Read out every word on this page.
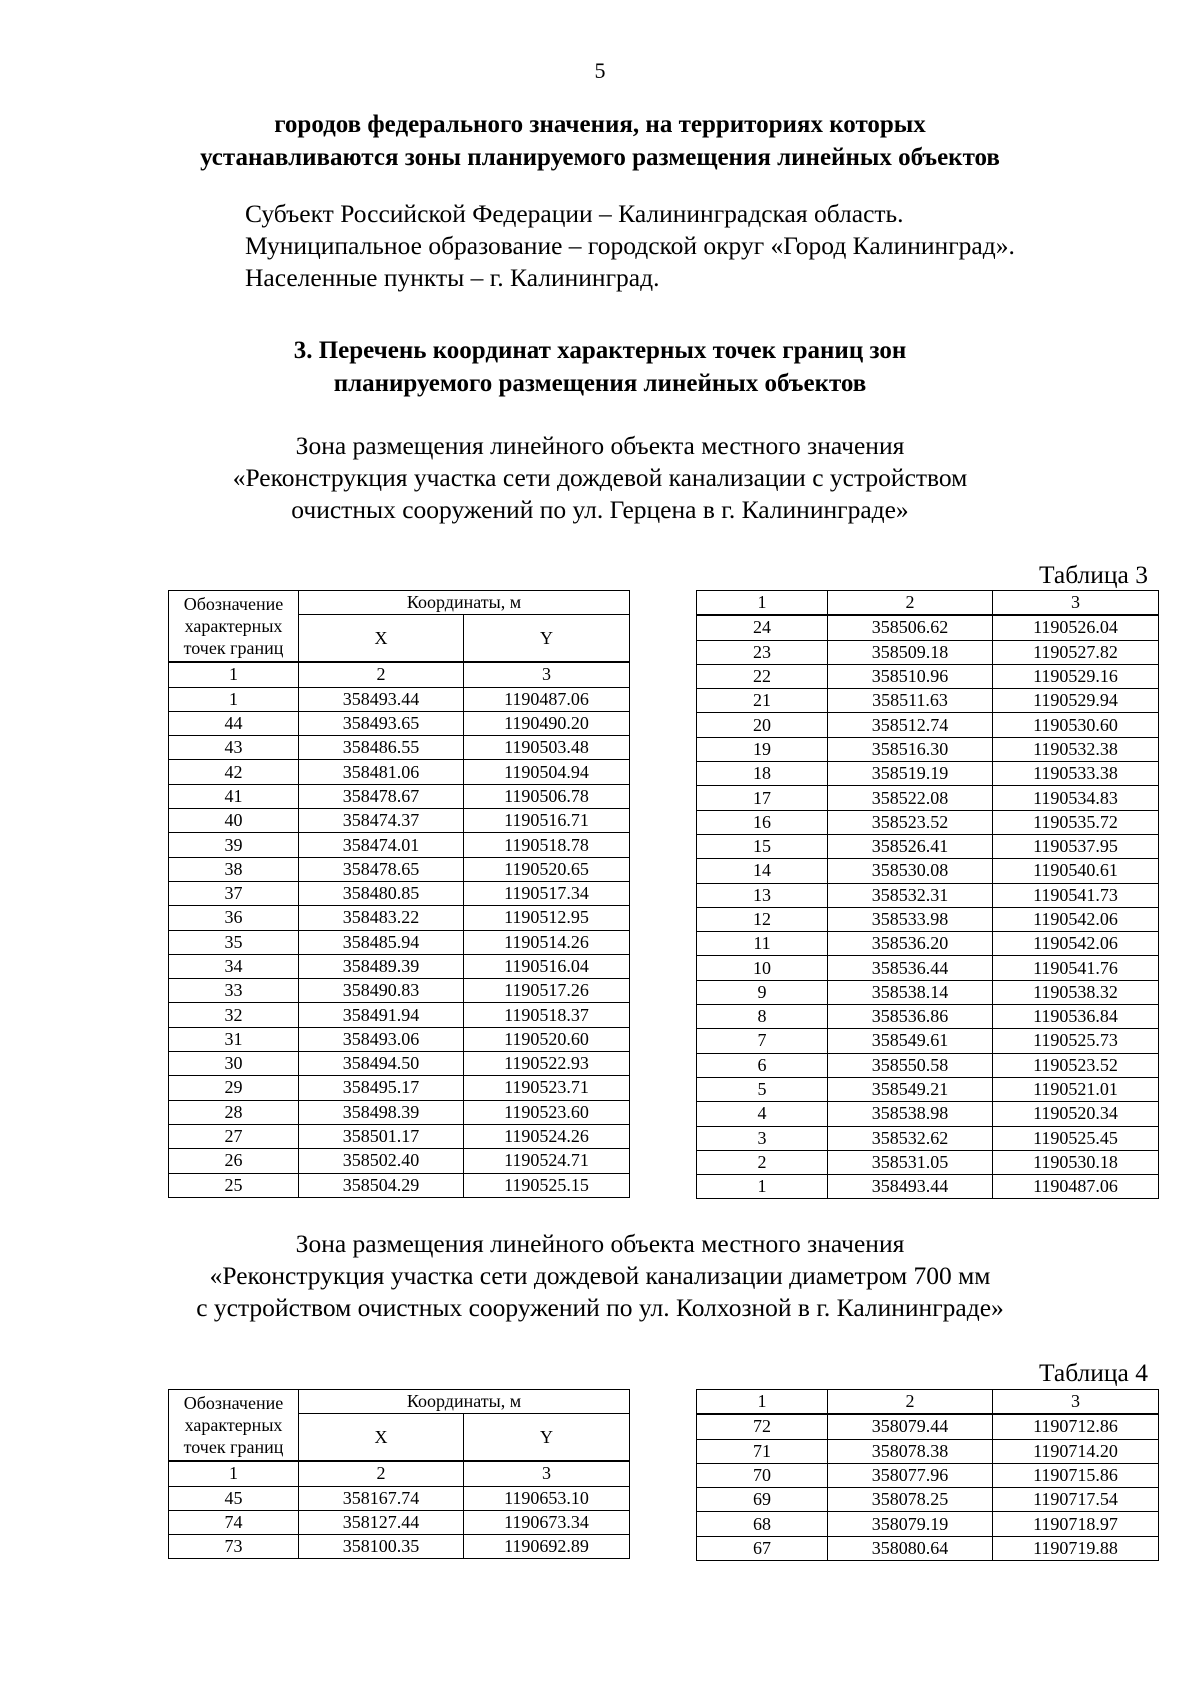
5
городов федерального значения, на территориях которых
устанавливаются зоны планируемого размещения линейных объектов
Субъект Российской Федерации – Калининградская область.
Муниципальное образование – городской округ «Город Калининград».
Населенные пункты – г. Калининград.
3. Перечень координат характерных точек границ зон
планируемого размещения линейных объектов
Зона размещения линейного объекта местного значения
«Реконструкция участка сети дождевой канализации с устройством
очистных сооружений по ул. Герцена в г. Калининграде»
Таблица 3
Обозначение характерных точек границ	Координаты, м	
	X	Y
1	2	3
1	358493.44	1190487.06
44	358493.65	1190490.20
43	358486.55	1190503.48
42	358481.06	1190504.94
41	358478.67	1190506.78
40	358474.37	1190516.71
39	358474.01	1190518.78
38	358478.65	1190520.65
37	358480.85	1190517.34
36	358483.22	1190512.95
35	358485.94	1190514.26
34	358489.39	1190516.04
33	358490.83	1190517.26
32	358491.94	1190518.37
31	358493.06	1190520.60
30	358494.50	1190522.93
29	358495.17	1190523.71
28	358498.39	1190523.60
27	358501.17	1190524.26
26	358502.40	1190524.71
25	358504.29	1190525.15
1	2	3
24	358506.62	1190526.04
23	358509.18	1190527.82
22	358510.96	1190529.16
21	358511.63	1190529.94
20	358512.74	1190530.60
19	358516.30	1190532.38
18	358519.19	1190533.38
17	358522.08	1190534.83
16	358523.52	1190535.72
15	358526.41	1190537.95
14	358530.08	1190540.61
13	358532.31	1190541.73
12	358533.98	1190542.06
11	358536.20	1190542.06
10	358536.44	1190541.76
9	358538.14	1190538.32
8	358536.86	1190536.84
7	358549.61	1190525.73
6	358550.58	1190523.52
5	358549.21	1190521.01
4	358538.98	1190520.34
3	358532.62	1190525.45
2	358531.05	1190530.18
1	358493.44	1190487.06
Зона размещения линейного объекта местного значения
«Реконструкция участка сети дождевой канализации диаметром 700 мм
с устройством очистных сооружений по ул. Колхозной в г. Калининграде»
Таблица 4
Обозначение характерных точек границ	Координаты, м	
	X	Y
1	2	3
45	358167.74	1190653.10
74	358127.44	1190673.34
73	358100.35	1190692.89
1	2	3
72	358079.44	1190712.86
71	358078.38	1190714.20
70	358077.96	1190715.86
69	358078.25	1190717.54
68	358079.19	1190718.97
67	358080.64	1190719.88
